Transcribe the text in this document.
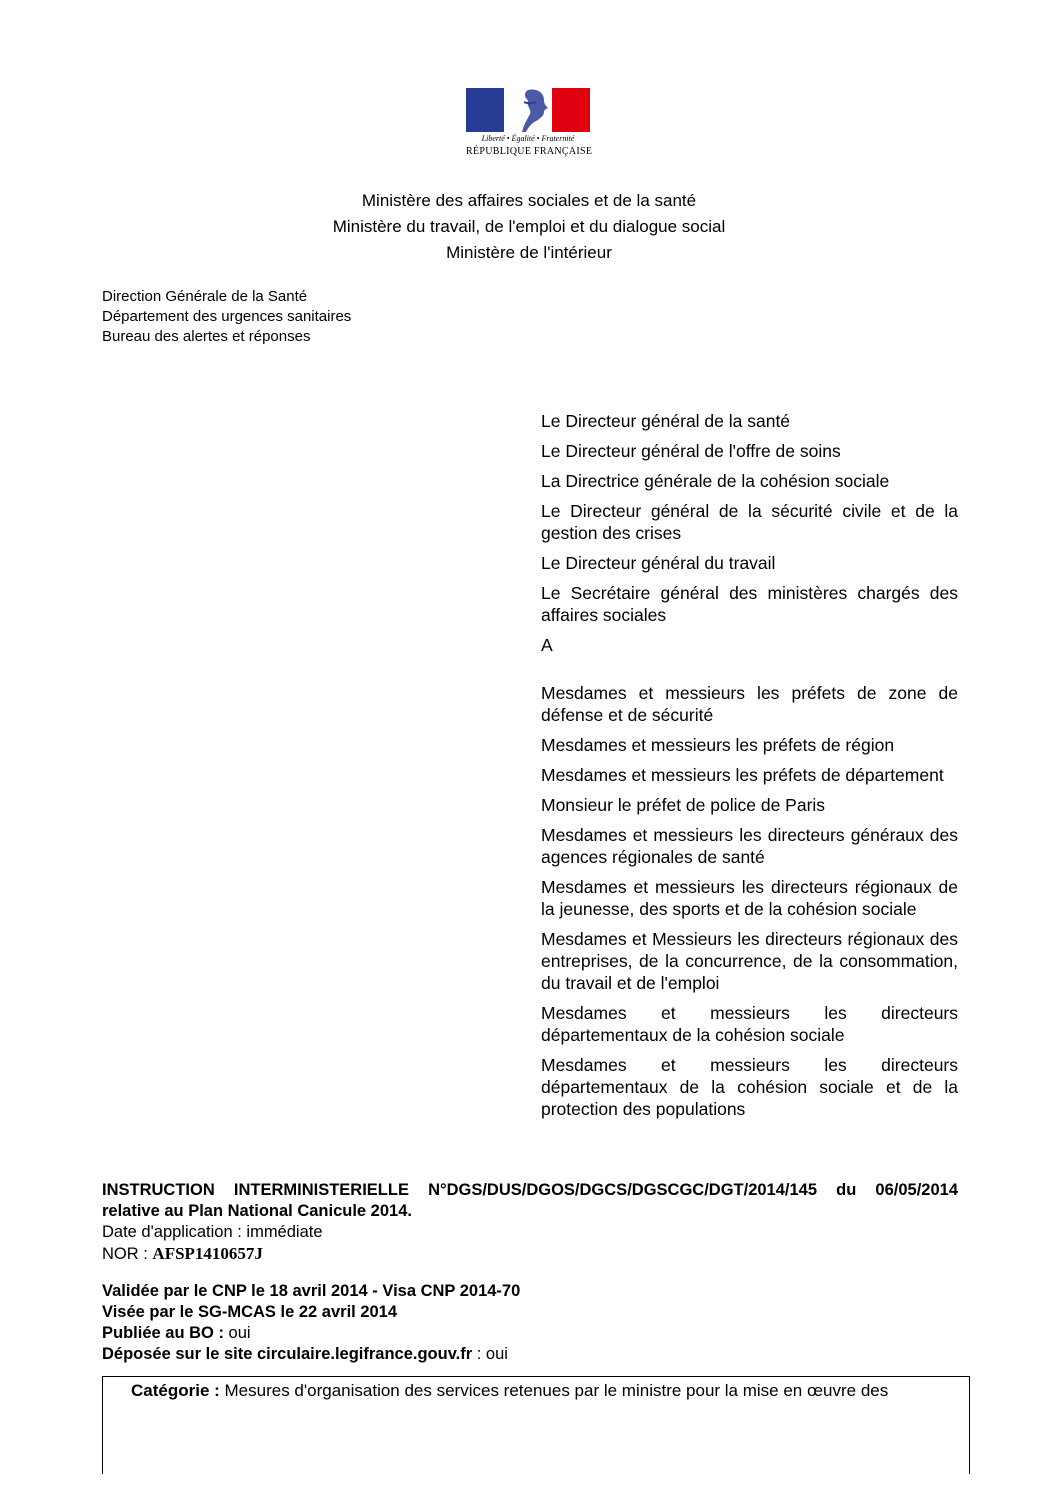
Liberté • Égalité • Fraternité
RÉPUBLIQUE FRANÇAISE
Ministère des affaires sociales et de la santé
Ministère du travail, de l'emploi et du dialogue social
Ministère de l'intérieur
Direction Générale de la Santé
Département des urgences sanitaires
Bureau des alertes et réponses
Le Directeur général de la santé
Le Directeur général de l'offre de soins
La Directrice générale de la cohésion sociale
Le Directeur général de la sécurité civile et de la gestion des crises
Le Directeur général du travail
Le Secrétaire général des ministères chargés des affaires sociales
A
Mesdames et messieurs les préfets de zone de défense et de sécurité
Mesdames et messieurs les préfets de région
Mesdames et messieurs les préfets de département
Monsieur le préfet de police de Paris
Mesdames et messieurs les directeurs généraux des agences régionales de santé
Mesdames et messieurs les directeurs régionaux de la jeunesse, des sports et de la cohésion sociale
Mesdames et Messieurs les directeurs régionaux des entreprises, de la concurrence, de la consommation, du travail et de l'emploi
Mesdames et messieurs les directeurs départementaux de la cohésion sociale
Mesdames et messieurs les directeurs départementaux de la cohésion sociale et de la protection des populations
INSTRUCTION INTERMINISTERIELLE N°DGS/DUS/DGOS/DGCS/DGSCGC/DGT/2014/145 du 06/05/2014 relative au Plan National Canicule 2014.
Date d'application : immédiate
NOR : AFSP1410657J
Validée par le CNP le 18 avril 2014 - Visa CNP 2014-70
Visée par le SG-MCAS le 22 avril 2014
Publiée au BO : oui
Déposée sur le site circulaire.legifrance.gouv.fr : oui

Catégorie : Mesures d'organisation des services retenues par le ministre pour la mise en œuvre des
